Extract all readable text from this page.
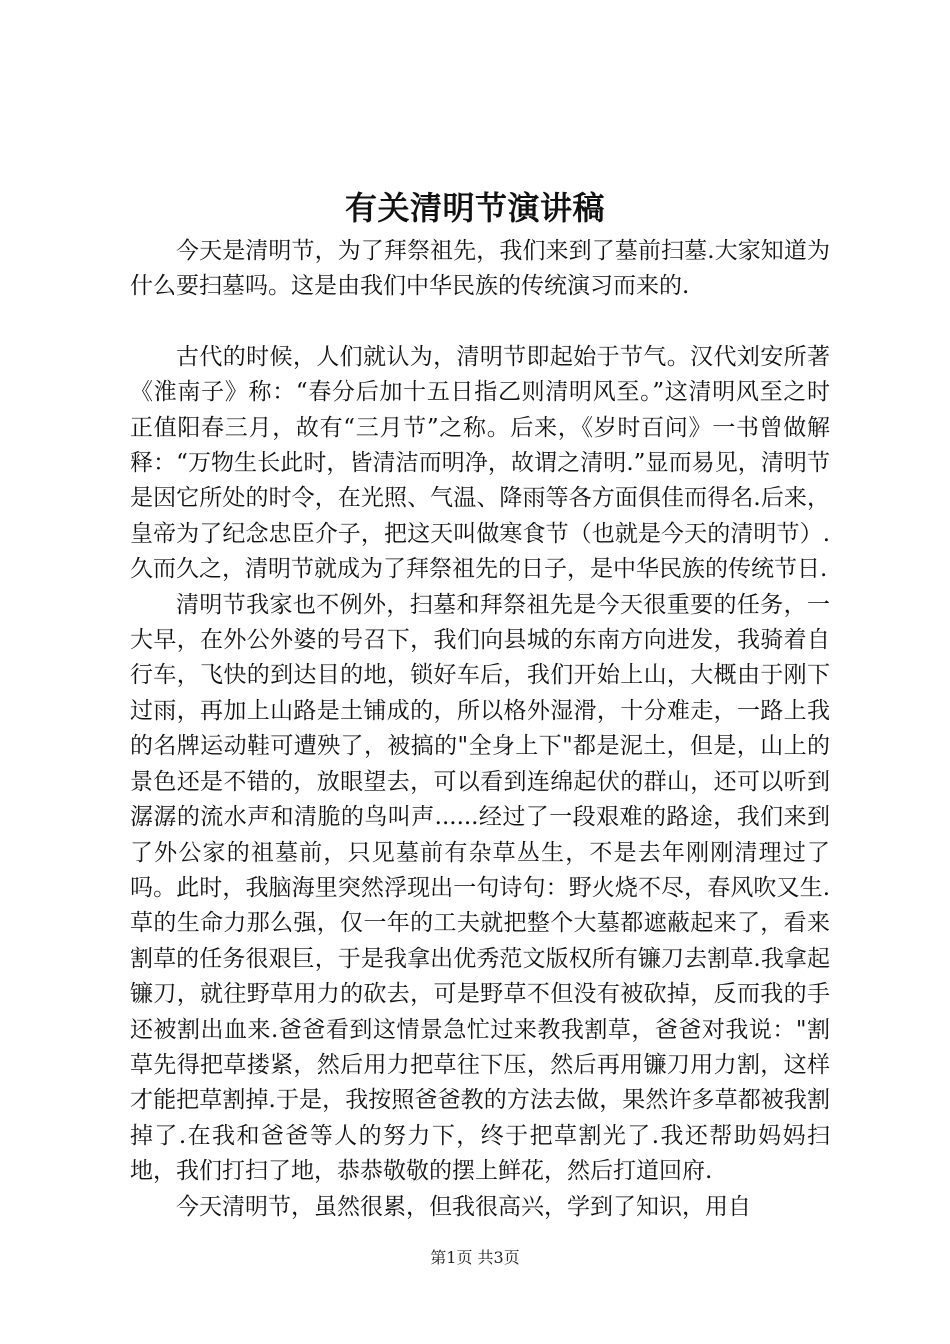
有关清明节演讲稿

今天是清明节，为了拜祭祖先，我们来到了墓前扫墓.大家知道为什么要扫墓吗。这是由我们中华民族的传统演习而来的.

古代的时候，人们就认为，清明节即起始于节气。汉代刘安所著《淮南子》称：“春分后加十五日指乙则清明风至。”这清明风至之时正值阳春三月，故有“三月节”之称。后来，《岁时百问》一书曾做解释：“万物生长此时，皆清洁而明净，故谓之清明.”显而易见，清明节是因它所处的时令，在光照、气温、降雨等各方面俱佳而得名.后来，皇帝为了纪念忠臣介子，把这天叫做寒食节（也就是今天的清明节）.久而久之，清明节就成为了拜祭祖先的日子，是中华民族的传统节日.

清明节我家也不例外，扫墓和拜祭祖先是今天很重要的任务，一大早，在外公外婆的号召下，我们向县城的东南方向进发，我骑着自行车，飞快的到达目的地，锁好车后，我们开始上山，大概由于刚下过雨，再加上山路是土铺成的，所以格外湿滑，十分难走，一路上我的名牌运动鞋可遭殃了，被搞的"全身上下"都是泥土，但是，山上的景色还是不错的，放眼望去，可以看到连绵起伏的群山，还可以听到潺潺的流水声和清脆的鸟叫声......经过了一段艰难的路途，我们来到了外公家的祖墓前，只见墓前有杂草丛生，不是去年刚刚清理过了吗。此时，我脑海里突然浮现出一句诗句：野火烧不尽，春风吹又生.草的生命力那么强，仅一年的工夫就把整个大墓都遮蔽起来了，看来割草的任务很艰巨，于是我拿出优秀范文版权所有镰刀去割草.我拿起镰刀，就往野草用力的砍去，可是野草不但没有被砍掉，反而我的手还被割出血来.爸爸看到这情景急忙过来教我割草，爸爸对我说："割草先得把草搂紧，然后用力把草往下压，然后再用镰刀用力割，这样才能把草割掉.于是，我按照爸爸教的方法去做，果然许多草都被我割掉了.在我和爸爸等人的努力下，终于把草割光了.我还帮助妈妈扫地，我们打扫了地，恭恭敬敬的摆上鲜花，然后打道回府.

今天清明节，虽然很累，但我很高兴，学到了知识，用自

第1页 共3页
